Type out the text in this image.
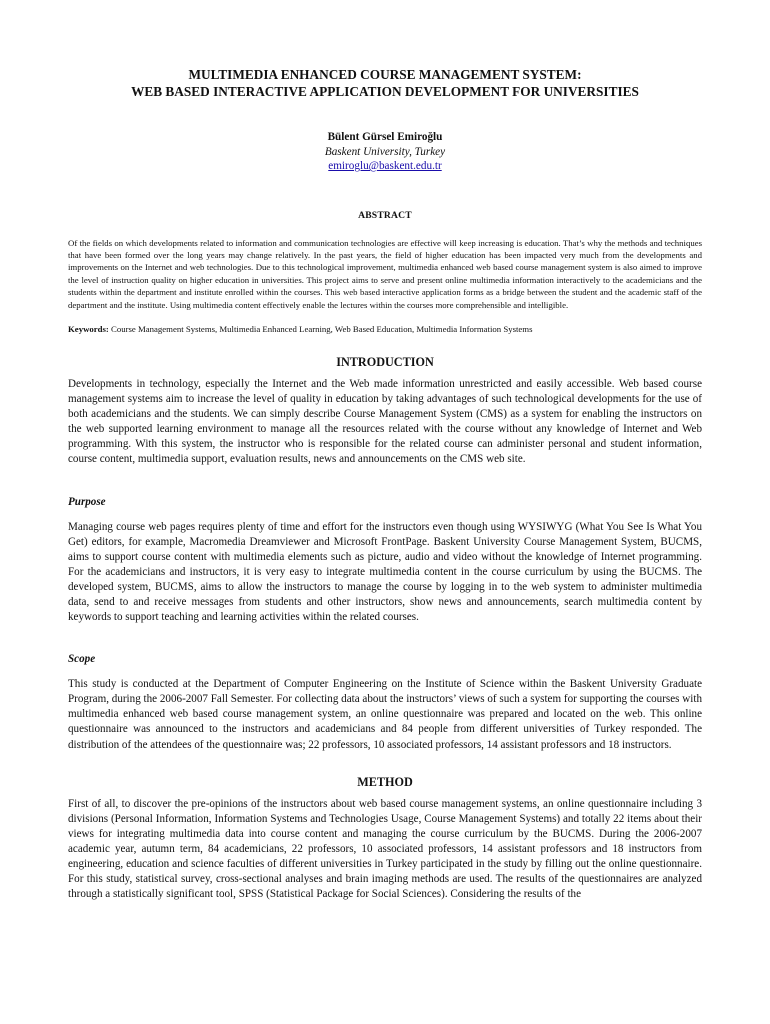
MULTIMEDIA ENHANCED COURSE MANAGEMENT SYSTEM:
WEB BASED INTERACTIVE APPLICATION DEVELOPMENT FOR UNIVERSITIES
Bülent Gürsel Emiroğlu
Baskent University, Turkey
emiroglu@baskent.edu.tr
ABSTRACT

Of the fields on which developments related to information and communication technologies are effective will keep increasing is education. That’s why the methods and techniques that have been formed over the long years may change relatively. In the past years, the field of higher education has been impacted very much from the developments and improvements on the Internet and web technologies. Due to this technological improvement, multimedia enhanced web based course management system is also aimed to improve the level of instruction quality on higher education in universities. This project aims to serve and present online multimedia information interactively to the academicians and the students within the department and institute enrolled within the courses. This web based interactive application forms as a bridge between the student and the academic staff of the department and the institute. Using multimedia content effectively enable the lectures within the courses more comprehensible and intelligible.

Keywords: Course Management Systems, Multimedia Enhanced Learning, Web Based Education, Multimedia Information Systems
INTRODUCTION

Developments in technology, especially the Internet and the Web made information unrestricted and easily accessible. Web based course management systems aim to increase the level of quality in education by taking advantages of such technological developments for the use of both academicians and the students. We can simply describe Course Management System (CMS) as a system for enabling the instructors on the web supported learning environment to manage all the resources related with the course without any knowledge of Internet and Web programming. With this system, the instructor who is responsible for the related course can administer personal and student information, course content, multimedia support, evaluation results, news and announcements on the CMS web site.

Purpose

Managing course web pages requires plenty of time and effort for the instructors even though using WYSIWYG (What You See Is What You Get) editors, for example, Macromedia Dreamviewer and Microsoft FrontPage. Baskent University Course Management System, BUCMS, aims to support course content with multimedia elements such as picture, audio and video without the knowledge of Internet programming. For the academicians and instructors, it is very easy to integrate multimedia content in the course curriculum by using the BUCMS. The developed system, BUCMS, aims to allow the instructors to manage the course by logging in to the web system to administer multimedia data, send to and receive messages from students and other instructors, show news and announcements, search multimedia content by keywords to support teaching and learning activities within the related courses.

Scope

This study is conducted at the Department of Computer Engineering on the Institute of Science within the Baskent University Graduate Program, during the 2006-2007 Fall Semester. For collecting data about the instructors’ views of such a system for supporting the courses with multimedia enhanced web based course management system, an online questionnaire was prepared and located on the web. This online questionnaire was announced to the instructors and academicians and 84 people from different universities of Turkey responded. The distribution of the attendees of the questionnaire was; 22 professors, 10 associated professors, 14 assistant professors and 18 instructors.

METHOD

First of all, to discover the pre-opinions of the instructors about web based course management systems, an online questionnaire including 3 divisions (Personal Information, Information Systems and Technologies Usage, Course Management Systems) and totally 22 items about their views for integrating multimedia data into course content and managing the course curriculum by the BUCMS. During the 2006-2007 academic year, autumn term, 84 academicians, 22 professors, 10 associated professors, 14 assistant professors and 18 instructors from engineering, education and science faculties of different universities in Turkey participated in the study by filling out the online questionnaire. For this study, statistical survey, cross-sectional analyses and brain imaging methods are used. The results of the questionnaires are analyzed through a statistically significant tool, SPSS (Statistical Package for Social Sciences). Considering the results of the
